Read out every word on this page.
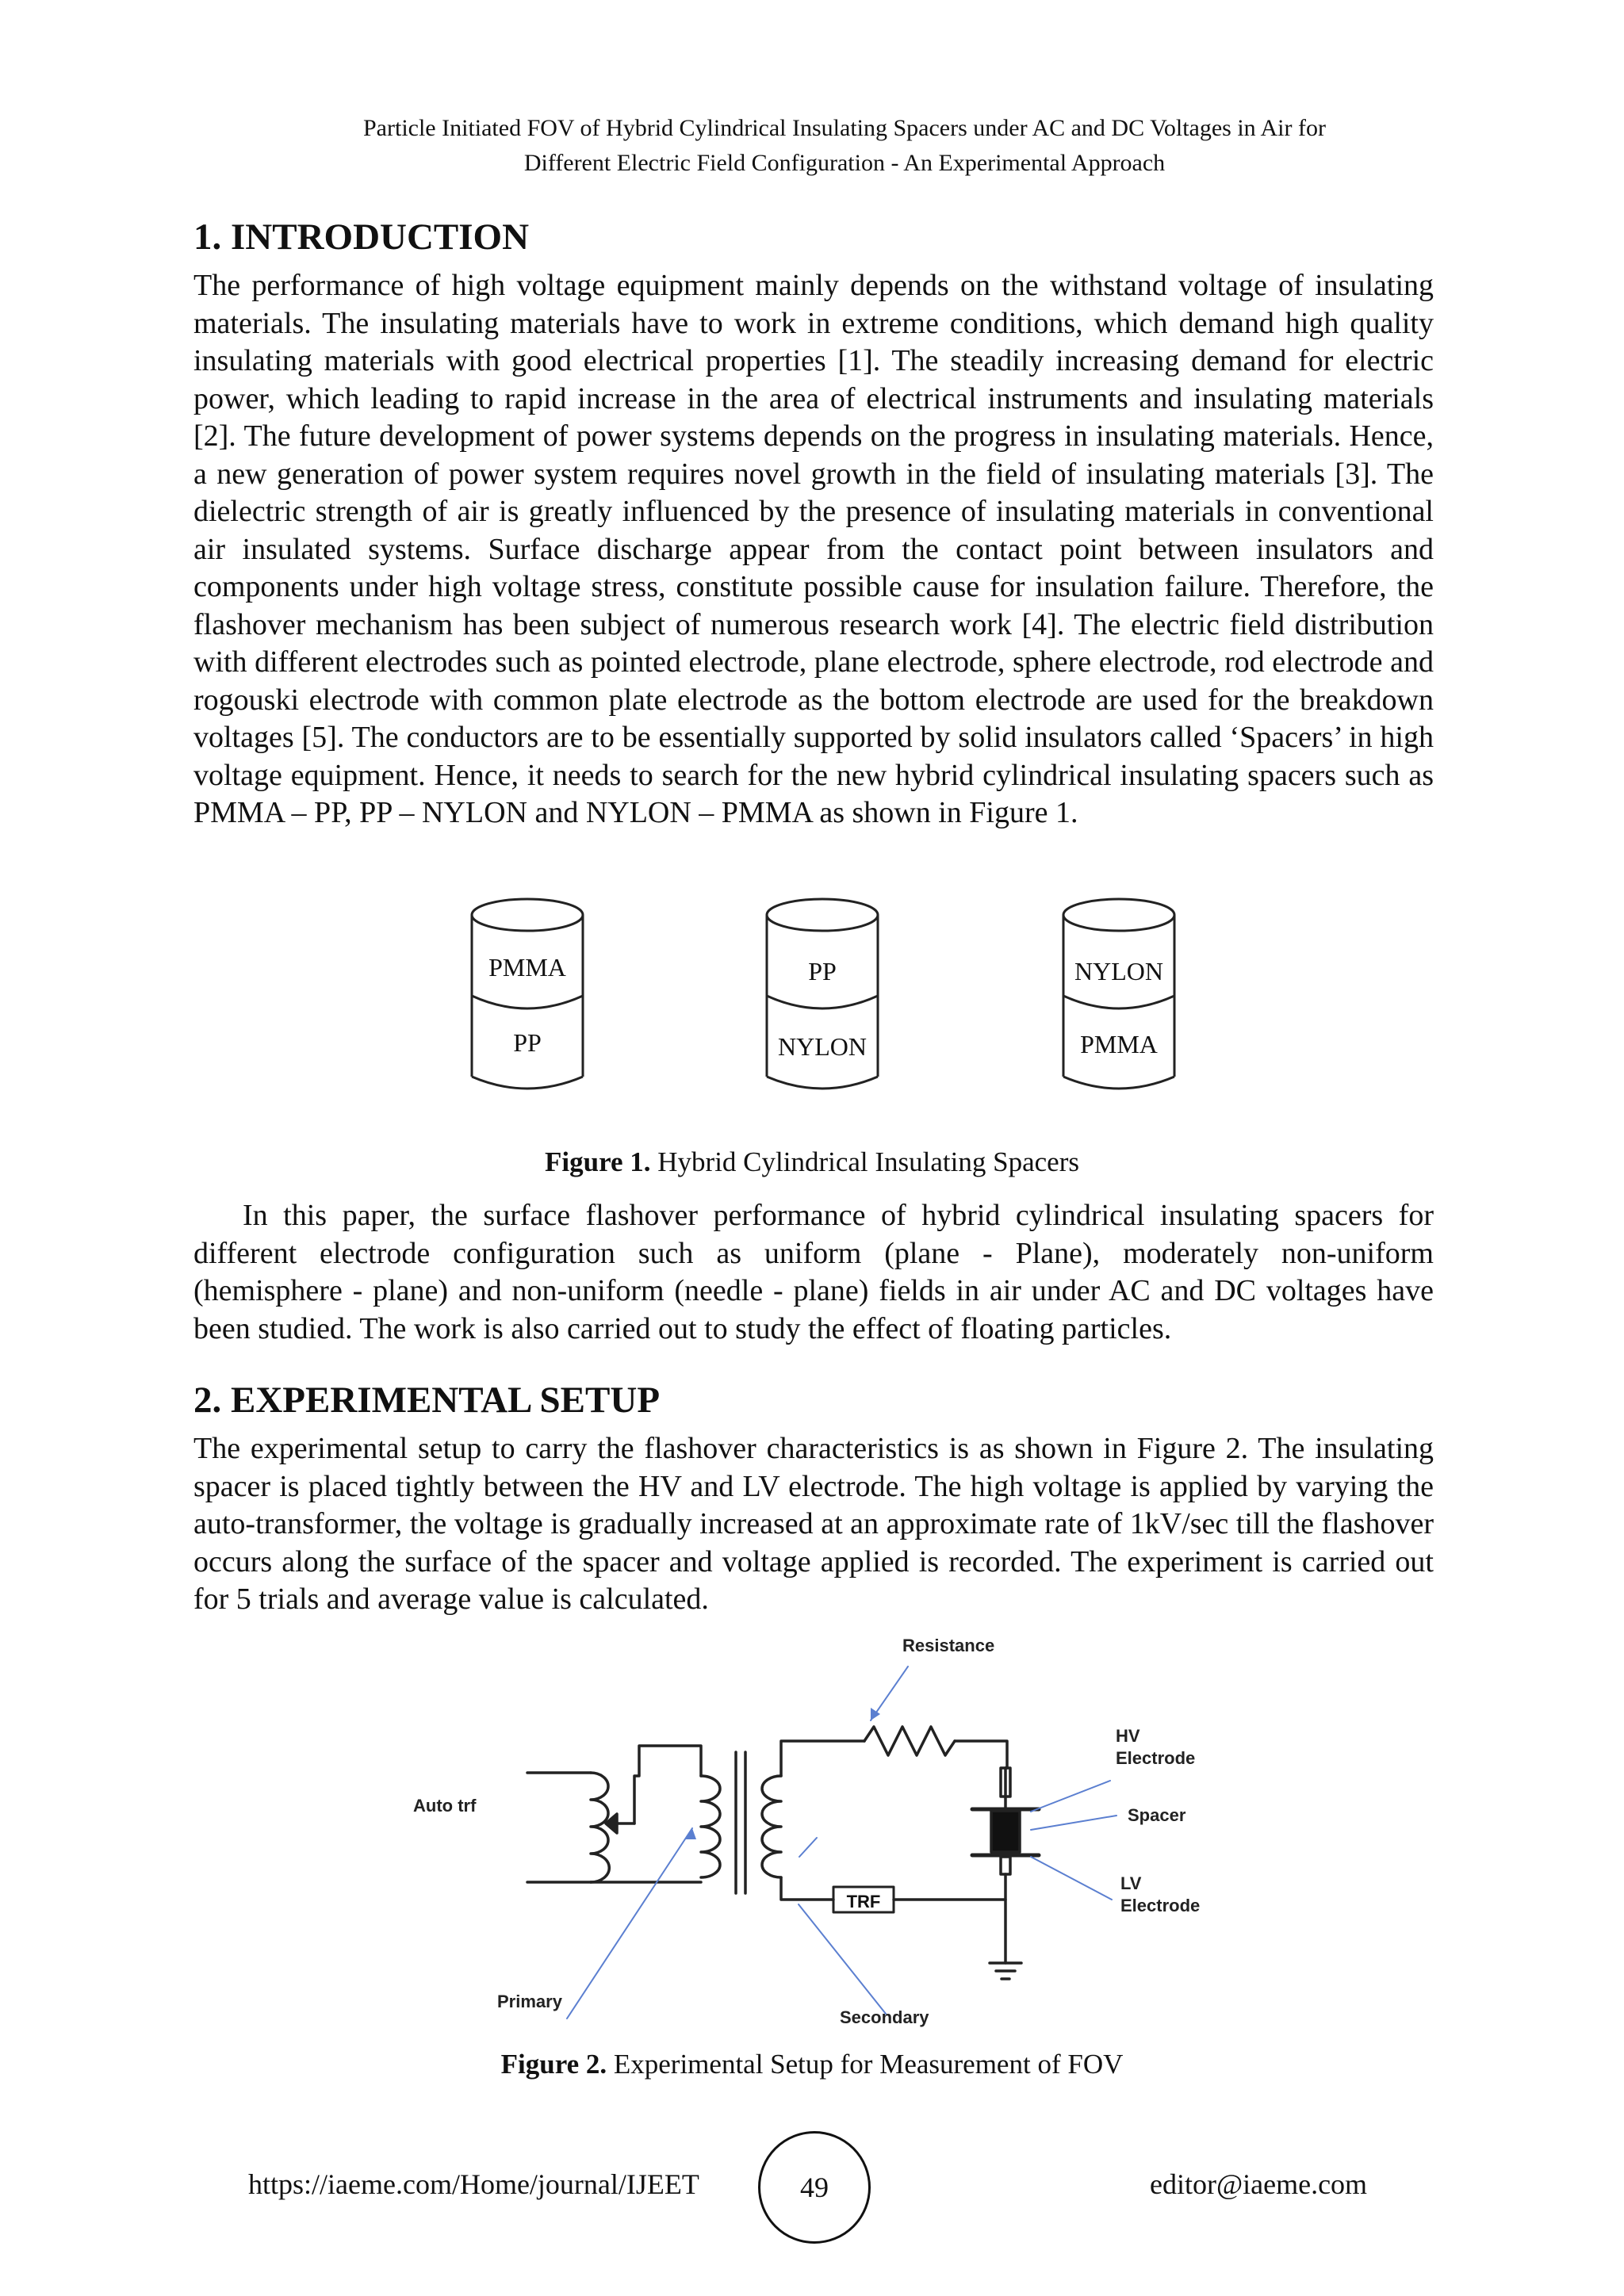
Particle Initiated FOV of Hybrid Cylindrical Insulating Spacers under AC and DC Voltages in Air for
Different Electric Field Configuration - An Experimental Approach
1. INTRODUCTION

The performance of high voltage equipment mainly depends on the withstand voltage of insulating materials. The insulating materials have to work in extreme conditions, which demand high quality insulating materials with good electrical properties [1]. The steadily increasing demand for electric power, which leading to rapid increase in the area of electrical instruments and insulating materials [2]. The future development of power systems depends on the progress in insulating materials. Hence, a new generation of power system requires novel growth in the field of insulating materials [3]. The dielectric strength of air is greatly influenced by the presence of insulating materials in conventional air insulated systems. Surface discharge appear from the contact point between insulators and components under high voltage stress, constitute possible cause for insulation failure. Therefore, the flashover mechanism has been subject of numerous research work [4]. The electric field distribution with different electrodes such as pointed electrode, plane electrode, sphere electrode, rod electrode and rogouski electrode with common plate electrode as the bottom electrode are used for the breakdown voltages [5]. The conductors are to be essentially supported by solid insulators called ‘Spacers’ in high voltage equipment. Hence, it needs to search for the new hybrid cylindrical insulating spacers such as PMMA – PP, PP – NYLON and NYLON – PMMA as shown in Figure 1.

PMMA
PP
PP
NYLON
NYLON
PMMA

Figure 1. Hybrid Cylindrical Insulating Spacers

In this paper, the surface flashover performance of hybrid cylindrical insulating spacers for different electrode configuration such as uniform (plane - Plane), moderately non-uniform (hemisphere - plane) and non-uniform (needle - plane) fields in air under AC and DC voltages have been studied. The work is also carried out to study the effect of floating particles.

2. EXPERIMENTAL SETUP

The experimental setup to carry the flashover characteristics is as shown in Figure 2. The insulating spacer is placed tightly between the HV and LV electrode. The high voltage is applied by varying the auto-transformer, the voltage is gradually increased at an approximate rate of 1kV/sec till the flashover occurs along the surface of the spacer and voltage applied is recorded. The experiment is carried out for 5 trials and average value is calculated.

TRF
Resistance
HV
Electrode
Spacer
LV
Electrode
Auto trf
Primary
Secondary

Figure 2. Experimental Setup for Measurement of FOV

https://iaeme.com/Home/journal/IJEET	49	editor@iaeme.com
